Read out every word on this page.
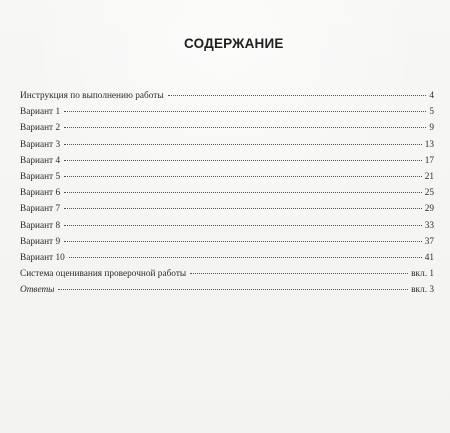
СОДЕРЖАНИЕ
Инструкция по выполнению работы	4
Вариант 1	5
Вариант 2	9
Вариант 3	13
Вариант 4	17
Вариант 5	21
Вариант 6	25
Вариант 7	29
Вариант 8	33
Вариант 9	37
Вариант 10	41
Система оценивания проверочной работы	вкл. 1
Ответы	вкл. 3
